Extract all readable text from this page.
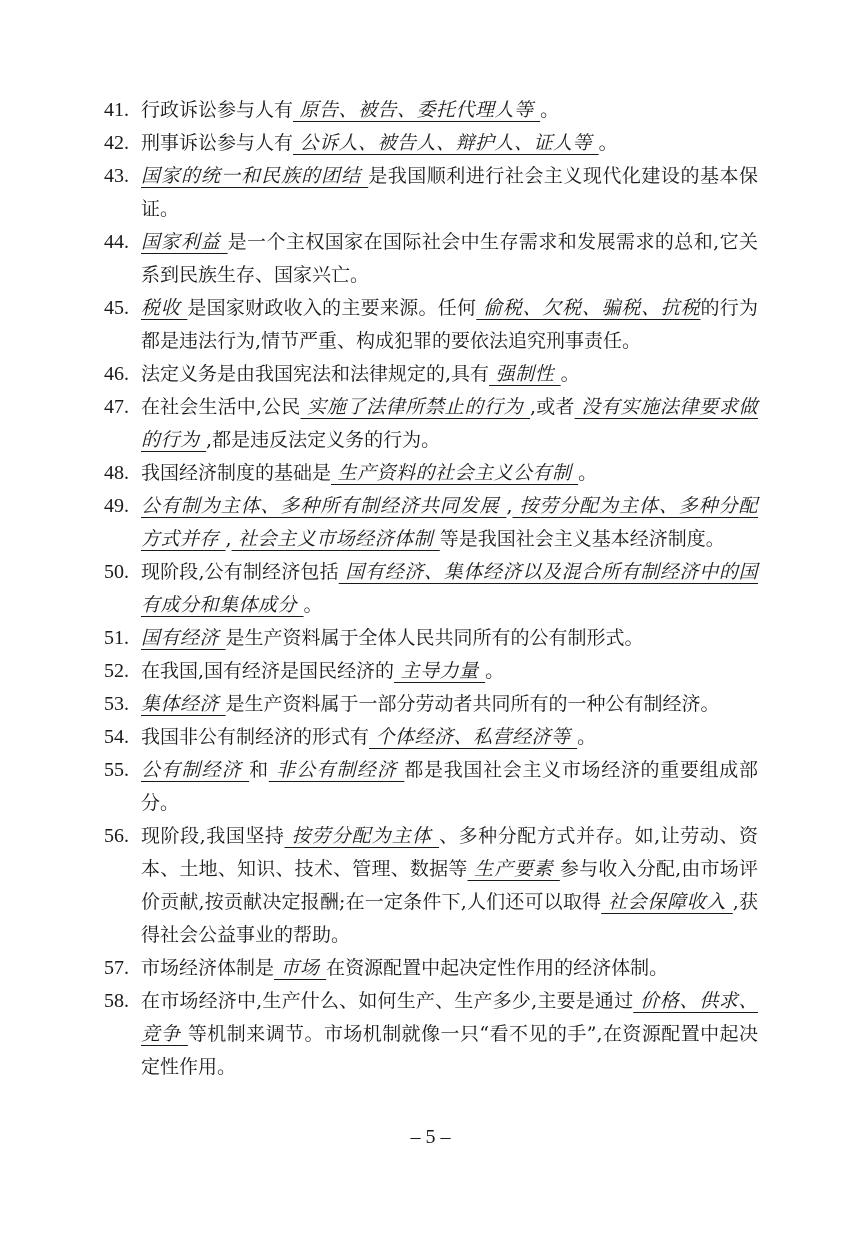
41. 行政诉讼参与人有 原告、被告、委托代理人等 。
42. 刑事诉讼参与人有 公诉人、被告人、辩护人、证人等 。
43. 国家的统一和民族的团结 是我国顺利进行社会主义现代化建设的基本保证。
44. 国家利益 是一个主权国家在国际社会中生存需求和发展需求的总和,它关系到民族生存、国家兴亡。
45. 税收 是国家财政收入的主要来源。任何 偷税、欠税、骗税、抗税的行为都是违法行为,情节严重、构成犯罪的要依法追究刑事责任。
46. 法定义务是由我国宪法和法律规定的,具有 强制性 。
47. 在社会生活中,公民 实施了法律所禁止的行为 ,或者 没有实施法律要求做的行为 ,都是违反法定义务的行为。
48. 我国经济制度的基础是 生产资料的社会主义公有制 。
49. 公有制为主体、多种所有制经济共同发展 , 按劳分配为主体、多种分配方式并存 , 社会主义市场经济体制 等是我国社会主义基本经济制度。
50. 现阶段,公有制经济包括 国有经济、集体经济以及混合所有制经济中的国有成分和集体成分 。
51. 国有经济 是生产资料属于全体人民共同所有的公有制形式。
52. 在我国,国有经济是国民经济的 主导力量 。
53. 集体经济 是生产资料属于一部分劳动者共同所有的一种公有制经济。
54. 我国非公有制经济的形式有 个体经济、私营经济等 。
55. 公有制经济 和 非公有制经济 都是我国社会主义市场经济的重要组成部分。
56. 现阶段,我国坚持 按劳分配为主体 、多种分配方式并存。如,让劳动、资本、土地、知识、技术、管理、数据等 生产要素 参与收入分配,由市场评价贡献,按贡献决定报酬;在一定条件下,人们还可以取得 社会保障收入 ,获得社会公益事业的帮助。
57. 市场经济体制是 市场 在资源配置中起决定性作用的经济体制。
58. 在市场经济中,生产什么、如何生产、生产多少,主要是通过 价格、供求、竞争 等机制来调节。市场机制就像一只“看不见的手”,在资源配置中起决定性作用。
– 5 –
